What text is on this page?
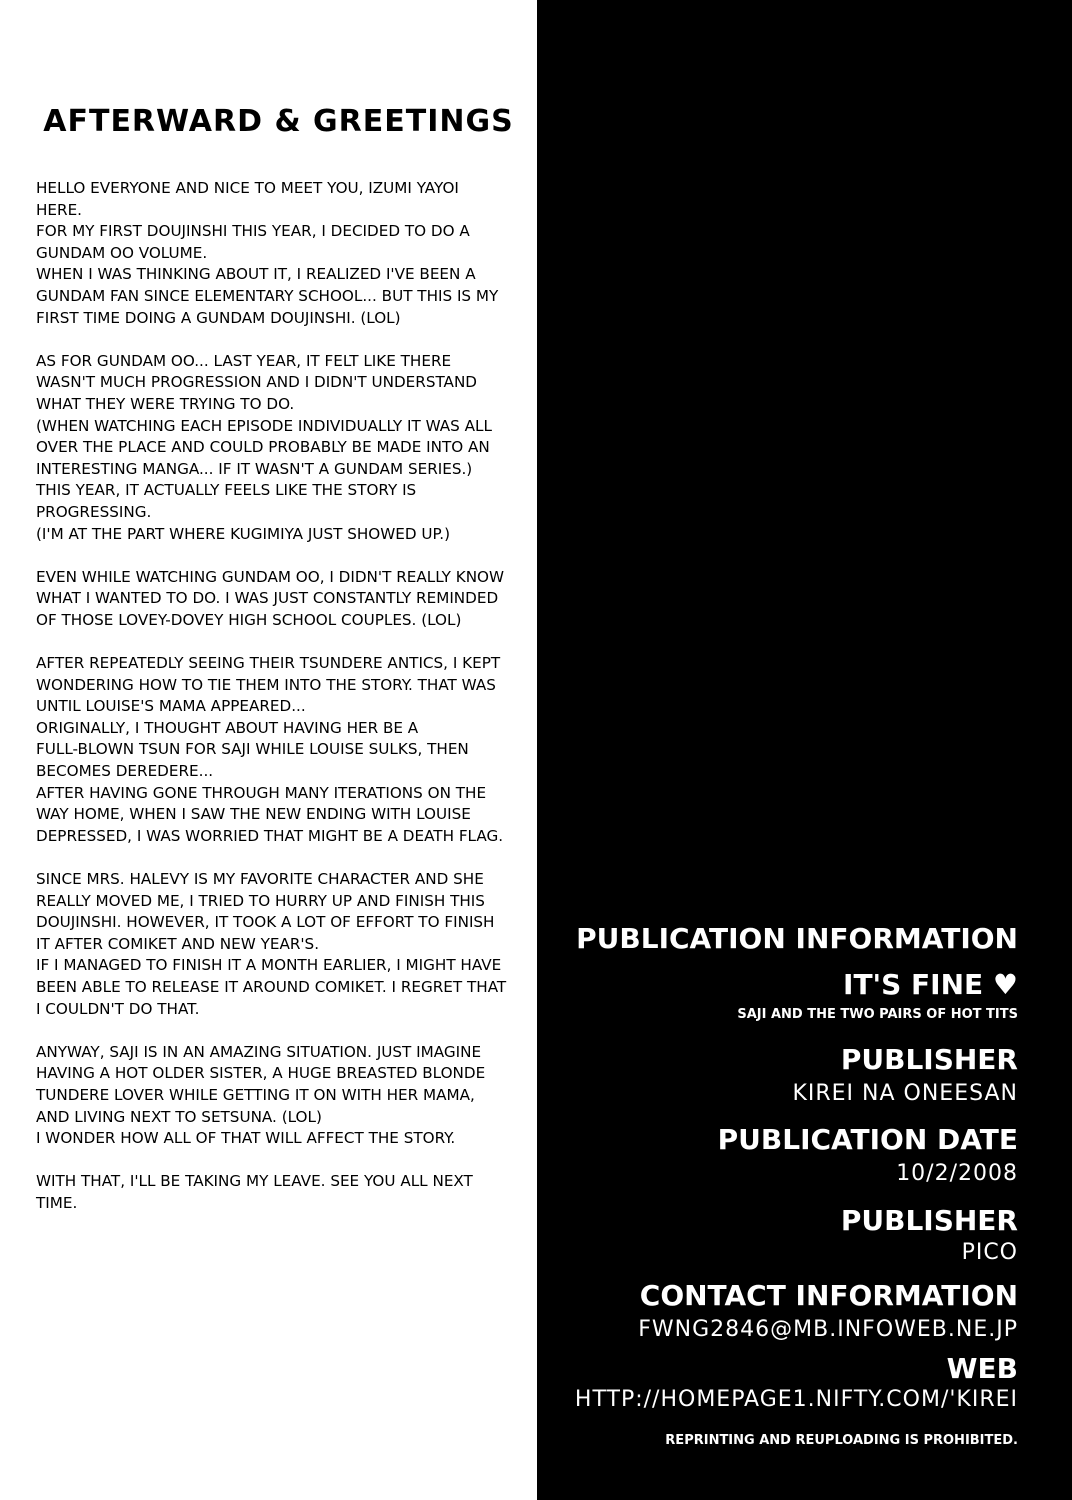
AFTERWARD & GREETINGS
HELLO EVERYONE AND NICE TO MEET YOU, IZUMI YAYOI
HERE.
FOR MY FIRST DOUJINSHI THIS YEAR, I DECIDED TO DO A
GUNDAM OO VOLUME.
WHEN I WAS THINKING ABOUT IT, I REALIZED I'VE BEEN A
GUNDAM FAN SINCE ELEMENTARY SCHOOL... BUT THIS IS MY
FIRST TIME DOING A GUNDAM DOUJINSHI. (LOL)
AS FOR GUNDAM OO... LAST YEAR, IT FELT LIKE THERE
WASN'T MUCH PROGRESSION AND I DIDN'T UNDERSTAND
WHAT THEY WERE TRYING TO DO.
(WHEN WATCHING EACH EPISODE INDIVIDUALLY IT WAS ALL
OVER THE PLACE AND COULD PROBABLY BE MADE INTO AN
INTERESTING MANGA... IF IT WASN'T A GUNDAM SERIES.)
THIS YEAR, IT ACTUALLY FEELS LIKE THE STORY IS
PROGRESSING.
(I'M AT THE PART WHERE KUGIMIYA JUST SHOWED UP.)
EVEN WHILE WATCHING GUNDAM OO, I DIDN'T REALLY KNOW
WHAT I WANTED TO DO. I WAS JUST CONSTANTLY REMINDED
OF THOSE LOVEY-DOVEY HIGH SCHOOL COUPLES. (LOL)
AFTER REPEATEDLY SEEING THEIR TSUNDERE ANTICS, I KEPT
WONDERING HOW TO TIE THEM INTO THE STORY. THAT WAS
UNTIL LOUISE'S MAMA APPEARED...
ORIGINALLY, I THOUGHT ABOUT HAVING HER BE A
FULL-BLOWN TSUN FOR SAJI WHILE LOUISE SULKS, THEN
BECOMES DEREDERE...
AFTER HAVING GONE THROUGH MANY ITERATIONS ON THE
WAY HOME, WHEN I SAW THE NEW ENDING WITH LOUISE
DEPRESSED, I WAS WORRIED THAT MIGHT BE A DEATH FLAG.
SINCE MRS. HALEVY IS MY FAVORITE CHARACTER AND SHE
REALLY MOVED ME, I TRIED TO HURRY UP AND FINISH THIS
DOUJINSHI. HOWEVER, IT TOOK A LOT OF EFFORT TO FINISH
IT AFTER COMIKET AND NEW YEAR'S.
IF I MANAGED TO FINISH IT A MONTH EARLIER, I MIGHT HAVE
BEEN ABLE TO RELEASE IT AROUND COMIKET. I REGRET THAT
I COULDN'T DO THAT.
ANYWAY, SAJI IS IN AN AMAZING SITUATION. JUST IMAGINE
HAVING A HOT OLDER SISTER, A HUGE BREASTED BLONDE
TUNDERE LOVER WHILE GETTING IT ON WITH HER MAMA,
AND LIVING NEXT TO SETSUNA. (LOL)
I WONDER HOW ALL OF THAT WILL AFFECT THE STORY.
WITH THAT, I'LL BE TAKING MY LEAVE. SEE YOU ALL NEXT
TIME.
PUBLICATION INFORMATION
IT'S FINE ♥
SAJI AND THE TWO PAIRS OF HOT TITS
PUBLISHER
KIREI NA ONEESAN
PUBLICATION DATE
10/2/2008
PUBLISHER
PICO
CONTACT INFORMATION
FWNG2846@MB.INFOWEB.NE.JP
WEB
HTTP://HOMEPAGE1.NIFTY.COM/'KIREI
REPRINTING AND REUPLOADING IS PROHIBITED.
